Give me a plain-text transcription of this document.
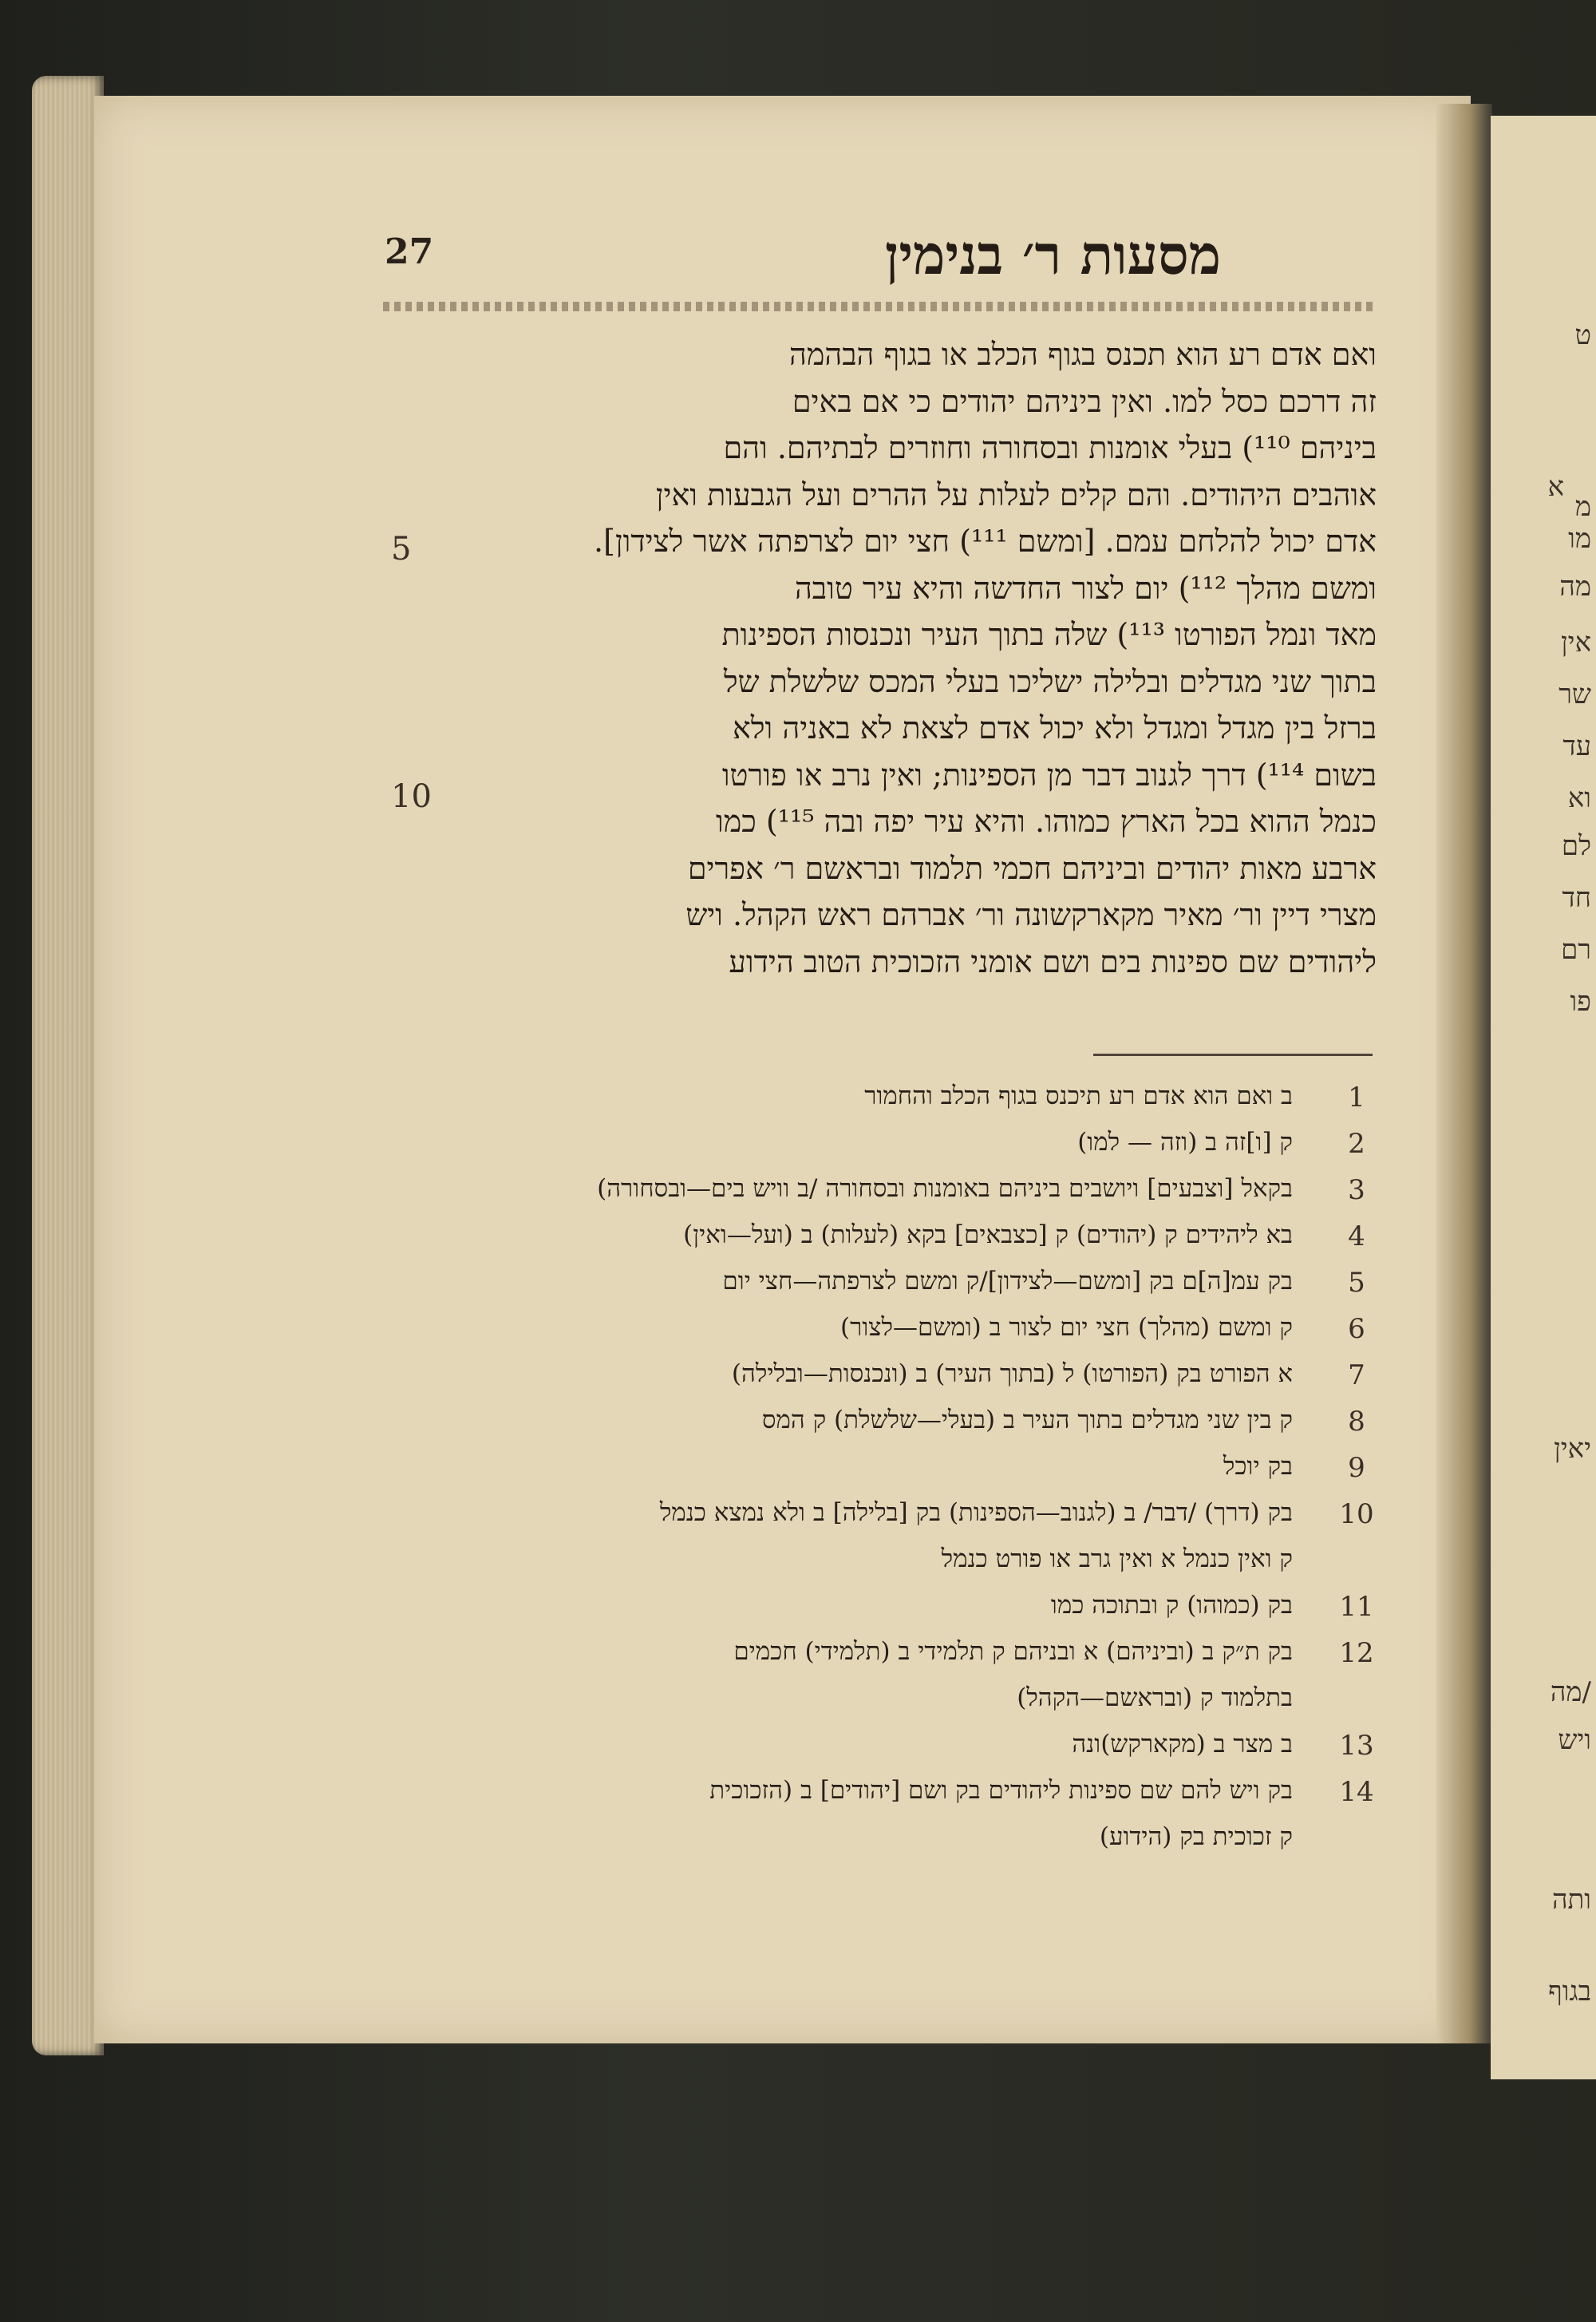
ט
מ
א
מו
מה
אין
שר
עד
וא
לם
חד
רם
פו
יאין
/מה
ויש
ותה
בגוף
27	מסעות ר׳ בנימין
ואם אדם רע הוא תכנס בגוף הכלב או בגוף הבהמה
זה דרכם כסל למו. ואין ביניהם יהודים כי אם באים
ביניהם ¹¹⁰) בעלי אומנות ובסחורה וחוזרים לבתיהם. והם
אוהבים היהודים. והם קלים לעלות על ההרים ועל הגבעות ואין
אדם יכול להלחם עמם. [ומשם ¹¹¹) חצי יום לצרפתה אשר לצידון].
ומשם מהלך ¹¹²) יום לצור החדשה והיא עיר טובה
מאד ונמל הפורטו ¹¹³) שלה בתוך העיר ונכנסות הספינות
בתוך שני מגדלים ובלילה ישליכו בעלי המכס שלשלת של
ברזל בין מגדל ומגדל ולא יכול אדם לצאת לא באניה ולא
בשום ¹¹⁴) דרך לגנוב דבר מן הספינות; ואין נרב או פורטו
כנמל ההוא בכל הארץ כמוהו. והיא עיר יפה ובה ¹¹⁵) כמו
ארבע מאות יהודים וביניהם חכמי תלמוד ובראשם ר׳ אפרים
מצרי דיין ור׳ מאיר מקארקשונה ור׳ אברהם ראש הקהל. ויש
ליהודים שם ספינות בים ושם אומני הזכוכית הטוב הידוע
5
10
1
ב ואם הוא אדם רע תיכנס בגוף הכלב והחמור
2
ק [ו]זה ב (וזה — למו)
3
בקאל [וצבעים] ויושבים ביניהם באומנות ובסחורה /ב וויש בים—ובסחורה)
4
בא ליהידים ק (יהודים) ק [כצבאים] בקא (לעלות) ב (ועל—ואין)
5
בק עמ[ה]ם בק [ומשם—לצידון]/ק ומשם לצרפתה—חצי יום
6
ק ומשם (מהלך) חצי יום לצור ב (ומשם—לצור)
7
א הפורט בק (הפורטו) ל (בתוך העיר) ב (ונכנסות—ובלילה)
8
ק בין שני מגדלים בתוך העיר ב (בעלי—שלשלת) ק המס
9
בק יוכל
10
בק (דרך) /דבר/ ב (לגנוב—הספינות) בק [בלילה] ב ולא נמצא כנמל
ק ואין כנמל א ואין גרב או פורט כנמל
11
בק (כמוהו) ק ובתוכה כמו
12
בק ת״ק ב (וביניהם) א ובניהם ק תלמידי ב (תלמידי) חכמים
בתלמוד ק (ובראשם—הקהל)
13
ב מצר ב (מקארקש)ונה
14
בק ויש להם שם ספינות ליהודים בק ושם [יהודים] ב (הזכוכית
ק זכוכית בק (הידוע)
